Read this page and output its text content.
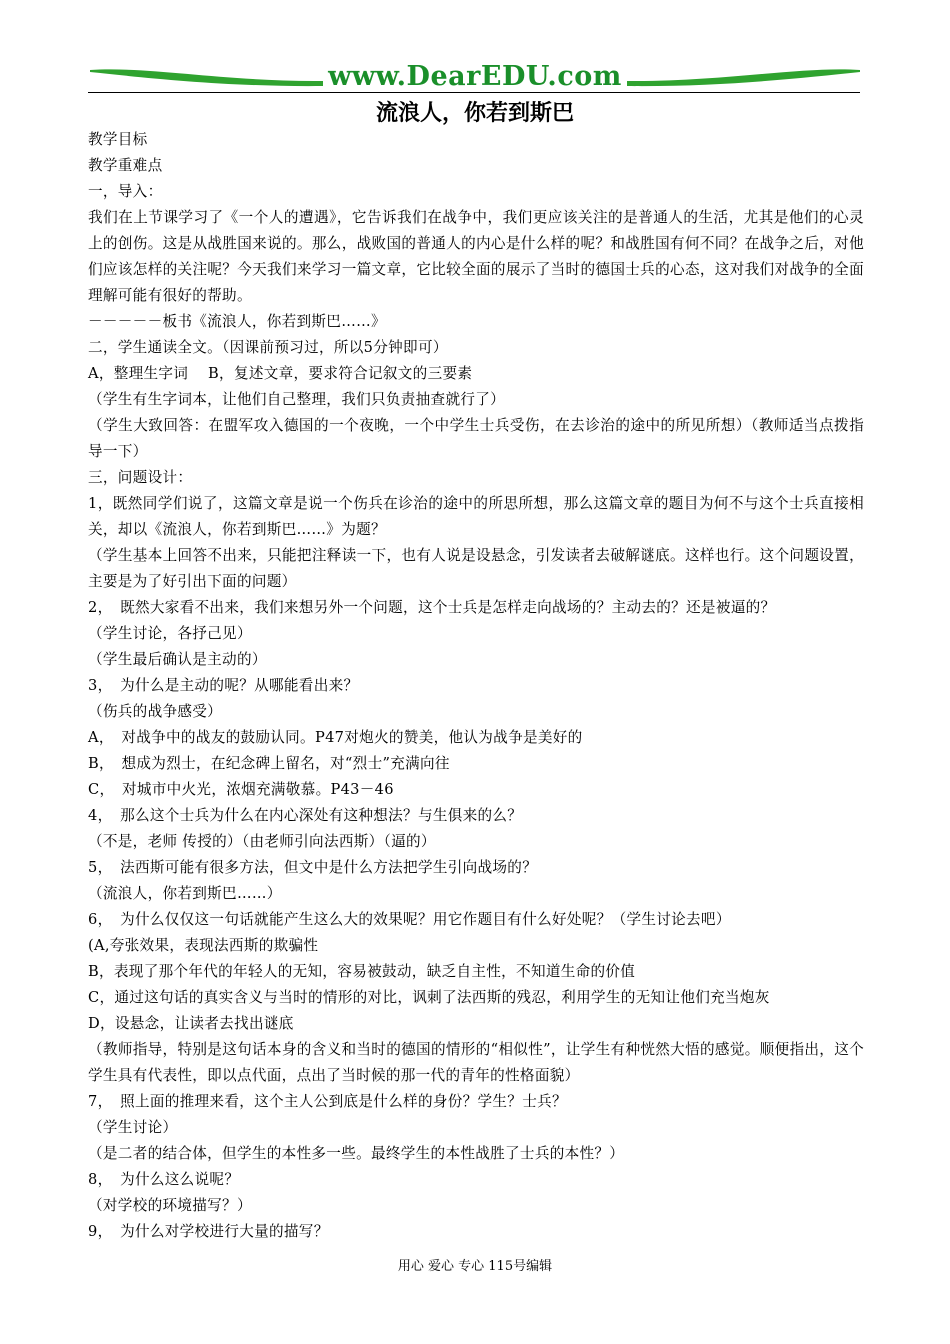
www.DearEDU.com
流浪人，你若到斯巴

教学目标

教学重难点

一，导入：

我们在上节课学习了《一个人的遭遇》，它告诉我们在战争中，我们更应该关注的是普通人的生活，尤其是他们的心灵上的创伤。这是从战胜国来说的。那么，战败国的普通人的内心是什么样的呢？和战胜国有何不同？在战争之后，对他们应该怎样的关注呢？今天我们来学习一篇文章，它比较全面的展示了当时的德国士兵的心态，这对我们对战争的全面理解可能有很好的帮助。

－－－－－板书《流浪人，你若到斯巴……》

二，学生通读全文。（因课前预习过，所以5分钟即可）

A，整理生字词　 B，复述文章，要求符合记叙文的三要素

（学生有生字词本，让他们自己整理，我们只负责抽查就行了）

（学生大致回答：在盟军攻入德国的一个夜晚，一个中学生士兵受伤，在去诊治的途中的所见所想）（教师适当点拨指导一下）

三，问题设计：

1，既然同学们说了，这篇文章是说一个伤兵在诊治的途中的所思所想，那么这篇文章的题目为何不与这个士兵直接相关，却以《流浪人，你若到斯巴……》为题？

（学生基本上回答不出来，只能把注释读一下，也有人说是设悬念，引发读者去破解谜底。这样也行。这个问题设置，主要是为了好引出下面的问题）

2，　既然大家看不出来，我们来想另外一个问题，这个士兵是怎样走向战场的？主动去的？还是被逼的？

（学生讨论，各抒己见）

（学生最后确认是主动的）

3，　为什么是主动的呢？从哪能看出来？

（伤兵的战争感受）

A，　对战争中的战友的鼓励认同。P47对炮火的赞美，他认为战争是美好的

B，　想成为烈士，在纪念碑上留名，对“烈士”充满向往

C，　对城市中火光，浓烟充满敬慕。P43－46

4，　那么这个士兵为什么在内心深处有这种想法？与生俱来的么？

（不是，老师 传授的）（由老师引向法西斯）（逼的）

5，　法西斯可能有很多方法，但文中是什么方法把学生引向战场的？

（流浪人，你若到斯巴……）

6，　为什么仅仅这一句话就能产生这么大的效果呢？用它作题目有什么好处呢？（学生讨论去吧）

(A,夸张效果，表现法西斯的欺骗性

B，表现了那个年代的年轻人的无知，容易被鼓动，缺乏自主性，不知道生命的价值

C，通过这句话的真实含义与当时的情形的对比，讽刺了法西斯的残忍，利用学生的无知让他们充当炮灰

D，设悬念，让读者去找出谜底

（教师指导，特别是这句话本身的含义和当时的德国的情形的“相似性”，让学生有种恍然大悟的感觉。顺便指出，这个学生具有代表性，即以点代面，点出了当时候的那一代的青年的性格面貌）

7，　照上面的推理来看，这个主人公到底是什么样的身份？学生？士兵？

（学生讨论）

（是二者的结合体，但学生的本性多一些。最终学生的本性战胜了士兵的本性？）

8，　为什么这么说呢？

（对学校的环境描写？）

9，　为什么对学校进行大量的描写？

用心 爱心 专心 115号编辑
